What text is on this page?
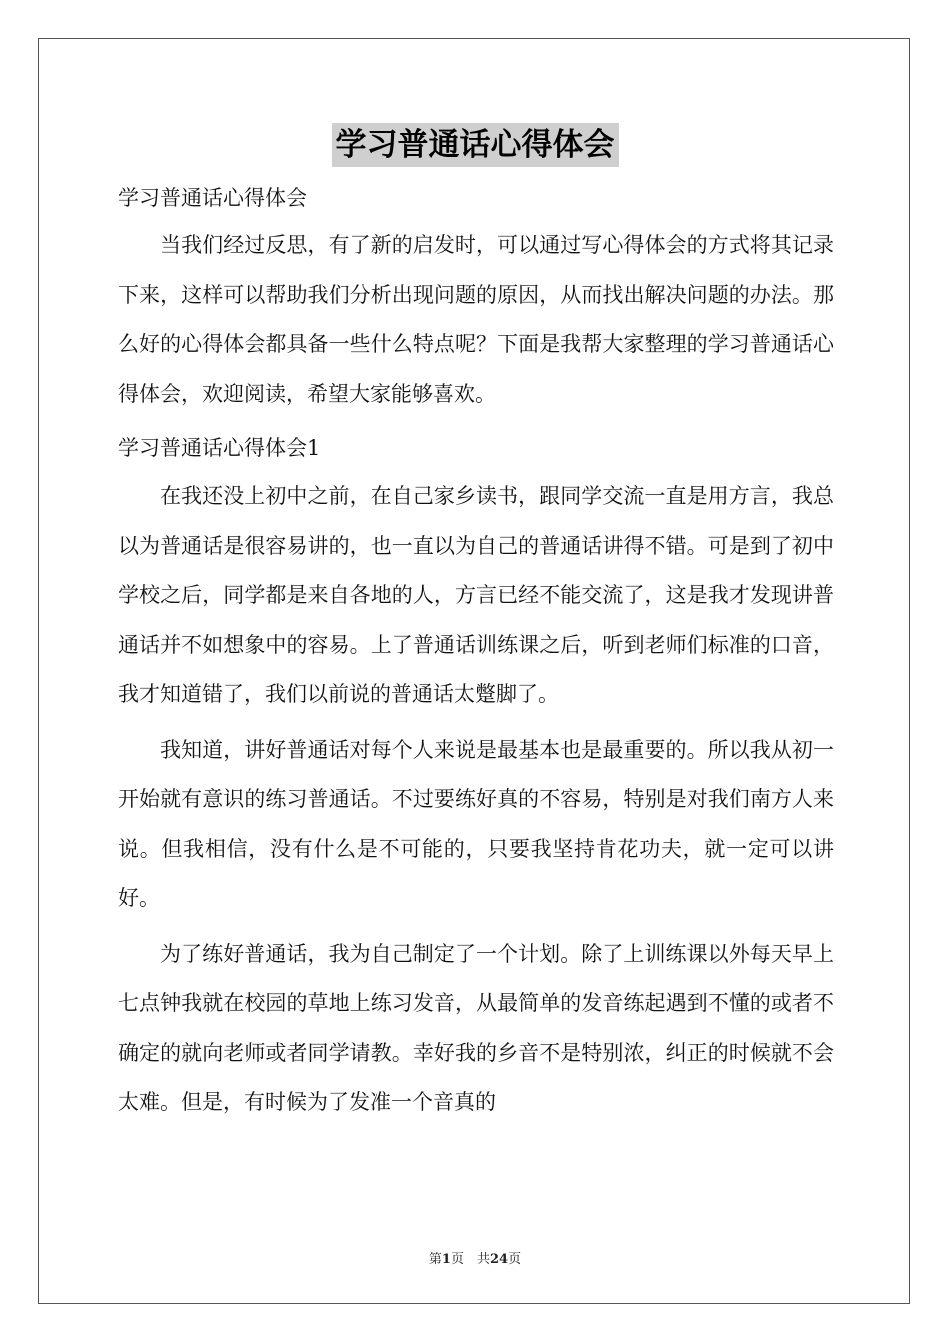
学习普通话心得体会

学习普通话心得体会

当我们经过反思，有了新的启发时，可以通过写心得体会的方式将其记录下来，这样可以帮助我们分析出现问题的原因，从而找出解决问题的办法。那么好的心得体会都具备一些什么特点呢？下面是我帮大家整理的学习普通话心得体会，欢迎阅读，希望大家能够喜欢。

学习普通话心得体会1

在我还没上初中之前，在自己家乡读书，跟同学交流一直是用方言，我总以为普通话是很容易讲的，也一直以为自己的普通话讲得不错。可是到了初中学校之后，同学都是来自各地的人，方言已经不能交流了，这是我才发现讲普通话并不如想象中的容易。上了普通话训练课之后，听到老师们标准的口音，我才知道错了，我们以前说的普通话太蹩脚了。

我知道，讲好普通话对每个人来说是最基本也是最重要的。所以我从初一开始就有意识的练习普通话。不过要练好真的不容易，特别是对我们南方人来说。但我相信，没有什么是不可能的，只要我坚持肯花功夫，就一定可以讲好。

为了练好普通话，我为自己制定了一个计划。除了上训练课以外每天早上七点钟我就在校园的草地上练习发音，从最简单的发音练起遇到不懂的或者不确定的就向老师或者同学请教。幸好我的乡音不是特别浓，纠正的时候就不会太难。但是，有时候为了发准一个音真的

第1页　共24页
